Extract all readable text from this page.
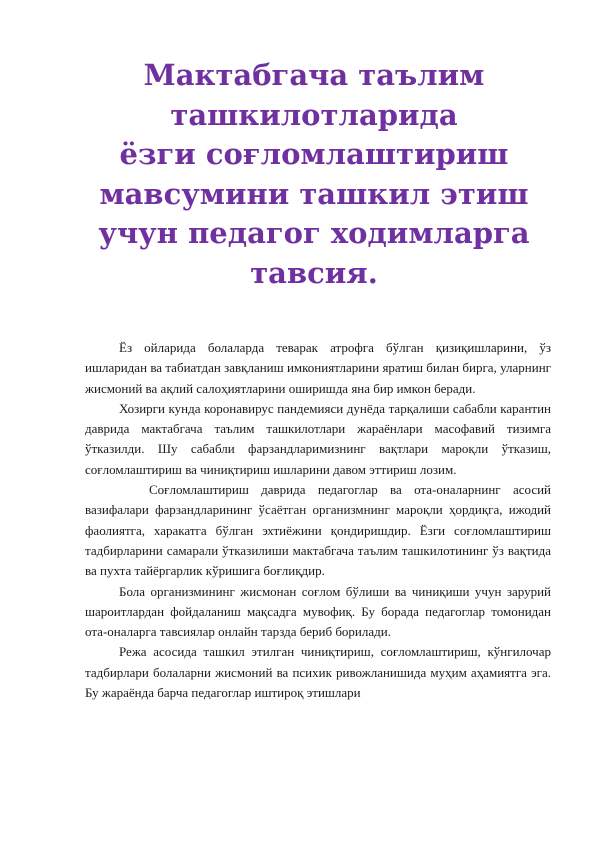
Мактабгача таълим
ташкилотларида
ёзги соғломлаштириш
мавсумини ташкил этиш
учун педагог ходимларга
тавсия.

Ёз ойларида болаларда теварак атрофга бўлган қизиқишларини, ўз ишларидан ва табиатдан завқланиш имкониятларини яратиш билан бирга, уларнинг жисмоний ва ақлий салоҳиятларини оширишда яна бир имкон беради.

Хозирги кунда коронавирус пандемияси дунёда тарқалиши сабабли карантин даврида мактабгача таълим ташкилотлари жараёнлари масофавий тизимга ўтказилди. Шу сабабли фарзандларимизнинг вақтлари мароқли ўтказиш, соғломлаштириш ва чиниқтириш ишларини давом эттириш лозим.

Соғломлаштириш даврида педагоглар ва ота-оналарнинг асосий вазифалари фарзандларининг ўсаётган организмнинг мароқли ҳордиқга, ижодий фаолиятга, харакатга бўлган эхтиёжини қондиришдир. Ёзги соғломлаштириш тадбирларини самарали ўтказилиши мактабгача таълим ташкилотининг ўз вақтида ва пухта тайёргарлик кўришига боғлиқдир.

Бола организмининг жисмонан соғлом бўлиши ва чиниқиши учун зарурий шароитлардан фойдаланиш мақсадга мувофиқ. Бу борада педагоглар томонидан ота-оналарга тавсиялар онлайн тарзда бериб борилади.

Режа асосида ташкил этилган чиниқтириш, соғломлаштириш, кўнгилочар тадбирлари болаларни жисмоний ва психик ривожланишида муҳим аҳамиятга эга. Бу жараёнда барча педагоглар иштироқ этишлари
